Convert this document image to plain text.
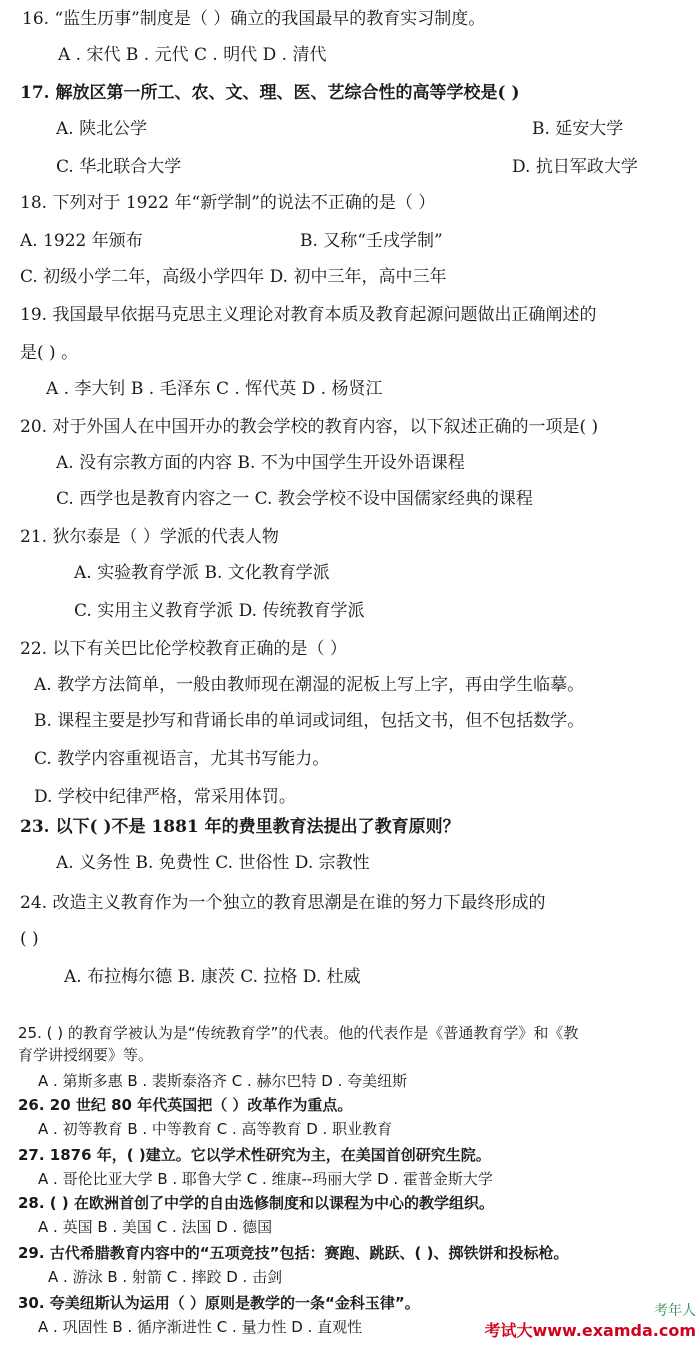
16. “监生历事”制度是（ ）确立的我国最早的教育实习制度。
A . 宋代 B . 元代 C . 明代 D . 清代
17. 解放区第一所工、农、文、理、医、艺综合性的高等学校是( )
A. 陕北公学	B. 延安大学
C. 华北联合大学	D. 抗日军政大学
18. 下列对于 1922 年“新学制”的说法不正确的是（ ）
A. 1922 年颁布	B. 又称“壬戌学制”
C. 初级小学二年，高级小学四年 D. 初中三年，高中三年
19. 我国最早依据马克思主义理论对教育本质及教育起源问题做出正确阐述的
是( ) 。
A . 李大钊 B . 毛泽东 C . 恽代英 D . 杨贤江
20. 对于外国人在中国开办的教会学校的教育内容，以下叙述正确的一项是( )
A. 没有宗教方面的内容 B. 不为中国学生开设外语课程
C. 西学也是教育内容之一 C. 教会学校不设中国儒家经典的课程
21. 狄尔泰是（ ）学派的代表人物
A. 实验教育学派 B. 文化教育学派
C. 实用主义教育学派 D. 传统教育学派
22. 以下有关巴比伦学校教育正确的是（ ）
A. 教学方法简单，一般由教师现在潮湿的泥板上写上字，再由学生临摹。
B. 课程主要是抄写和背诵长串的单词或词组，包括文书，但不包括数学。
C. 教学内容重视语言，尤其书写能力。
D. 学校中纪律严格，常采用体罚。
23. 以下( )不是 1881 年的费里教育法提出了教育原则？
A. 义务性 B. 免费性 C. 世俗性 D. 宗教性
24. 改造主义教育作为一个独立的教育思潮是在谁的努力下最终形成的
( )
A. 布拉梅尔德 B. 康茨 C. 拉格 D. 杜威
25. ( ) 的教育学被认为是“传统教育学”的代表。他的代表作是《普通教育学》和《教
育学讲授纲要》等。
A . 第斯多惠 B . 裴斯泰洛齐 C . 赫尔巴特 D . 夸美纽斯
26. 20 世纪 80 年代英国把（ ）改革作为重点。
A . 初等教育 B . 中等教育 C . 高等教育 D . 职业教育
27. 1876 年，( )建立。它以学术性研究为主，在美国首创研究生院。
A . 哥伦比亚大学 B . 耶鲁大学 C . 维康--玛丽大学 D . 霍普金斯大学
28. ( ) 在欧洲首创了中学的自由选修制度和以课程为中心的教学组织。
A . 英国 B . 美国 C . 法国 D . 德国
29. 古代希腊教育内容中的“五项竞技”包括：赛跑、跳跃、( )、掷铁饼和投标枪。
A . 游泳 B . 射箭 C . 摔跤 D . 击剑
30. 夸美纽斯认为运用（ ）原则是教学的一条“金科玉律”。
A . 巩固性 B . 循序渐进性 C . 量力性 D . 直观性
考年人
考试大www.examda.com
